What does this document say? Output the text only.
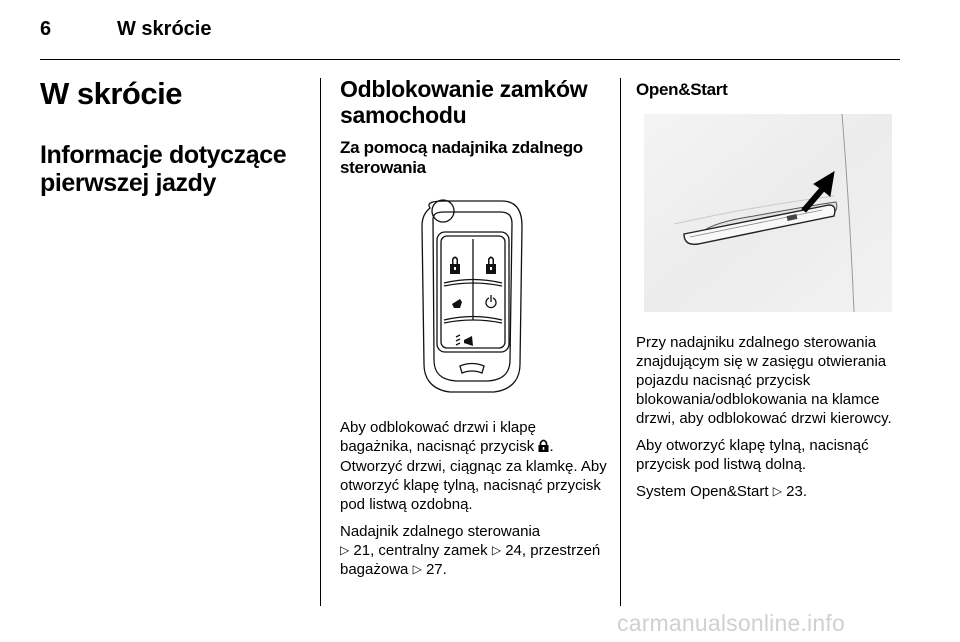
6	W skrócie
W skrócie
Informacje dotyczące pierwszej jazdy
Odblokowanie zamków samochodu
Za pomocą nadajnika zdalnego sterowania

Aby odblokować drzwi i klapę bagażnika, nacisnąć przycisk . Otworzyć drzwi, ciągnąc za klamkę. Aby otworzyć klapę tylną, nacisnąć przycisk pod listwą ozdobną.

Nadajnik zdalnego sterowania
▷ 21, centralny zamek ▷ 24, przestrzeń bagażowa ▷ 27.

Open&Start

Przy nadajniku zdalnego sterowania znajdującym się w zasięgu otwierania pojazdu nacisnąć przycisk blokowania/odblokowania na klamce drzwi, aby odblokować drzwi kierowcy.

Aby otworzyć klapę tylną, nacisnąć przycisk pod listwą dolną.

System Open&Start ▷ 23.

carmanualsonline.info
